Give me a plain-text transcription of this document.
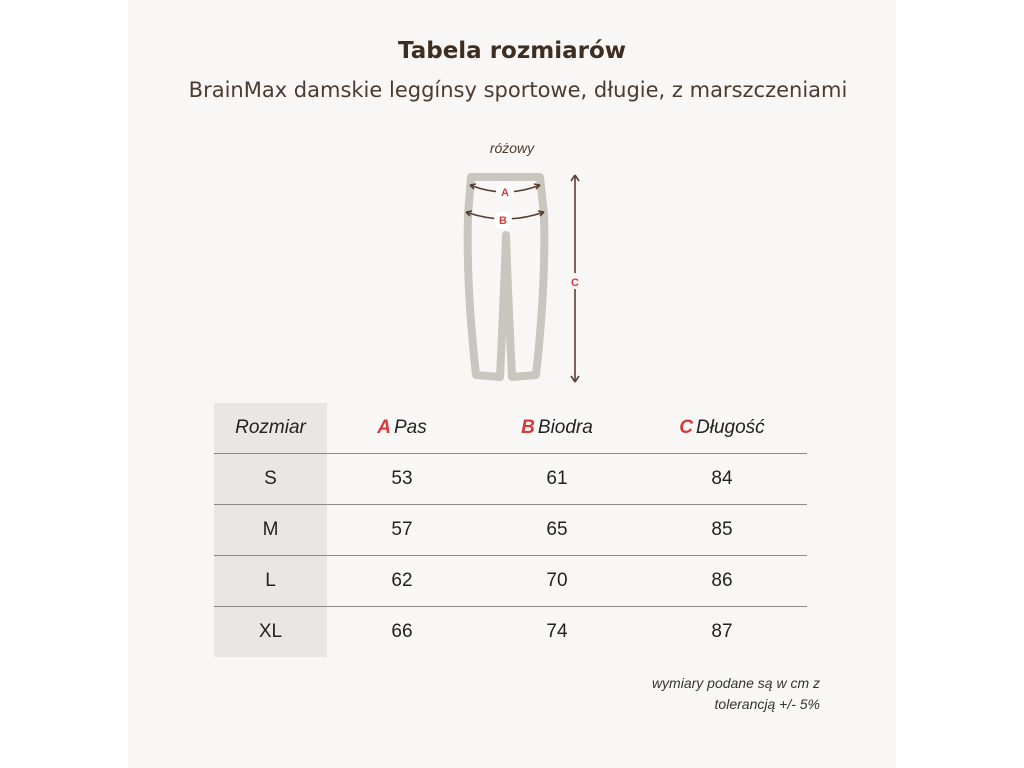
Tabela rozmiarów
BrainMax damskie leggínsy sportowe, długie, z marszczeniami
różowy
A
B
C
Rozmiar	A Pas	B Biodra	C Długość
S	53	61	84
M	57	65	85
L	62	70	86
XL	66	74	87
wymiary podane są w cm z
tolerancją +/- 5%
